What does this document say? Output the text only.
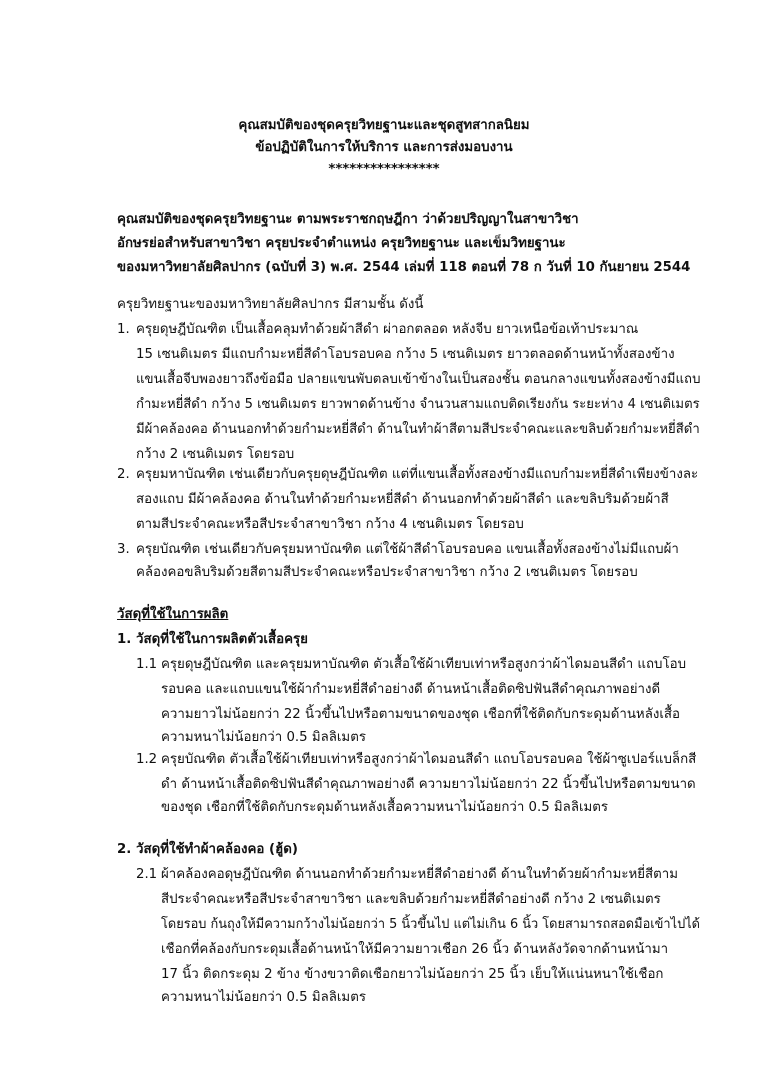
คุณสมบัติของชุดครุยวิทยฐานะและชุดสูทสากลนิยม
ข้อปฏิบัติในการให้บริการ และการส่งมอบงาน
****************
คุณสมบัติของชุดครุยวิทยฐานะ ตามพระราชกฤษฎีกา ว่าด้วยปริญญาในสาขาวิชา
อักษรย่อสำหรับสาขาวิชา ครุยประจำตำแหน่ง ครุยวิทยฐานะ และเข็มวิทยฐานะ
ของมหาวิทยาลัยศิลปากร (ฉบับที่ 3) พ.ศ. 2544 เล่มที่ 118 ตอนที่ 78 ก วันที่ 10 กันยายน 2544
ครุยวิทยฐานะของมหาวิทยาลัยศิลปากร มีสามชั้น ดังนี้
1. ครุยดุษฎีบัณฑิต เป็นเสื้อคลุมทำด้วยผ้าสีดำ ผ่าอกตลอด หลังจีบ ยาวเหนือข้อเท้าประมาณ
15 เซนติเมตร มีแถบกำมะหยี่สีดำโอบรอบคอ กว้าง 5 เซนติเมตร ยาวตลอดด้านหน้าทั้งสองข้าง
แขนเสื้อจีบพองยาวถึงข้อมือ ปลายแขนพับตลบเข้าข้างในเป็นสองชั้น ตอนกลางแขนทั้งสองข้างมีแถบ
กำมะหยี่สีดำ กว้าง 5 เซนติเมตร ยาวพาดด้านข้าง จำนวนสามแถบติดเรียงกัน ระยะห่าง 4 เซนติเมตร
มีผ้าคล้องคอ ด้านนอกทำด้วยกำมะหยี่สีดำ ด้านในทำผ้าสีตามสีประจำคณะและขลิบด้วยกำมะหยี่สีดำ
กว้าง 2 เซนติเมตร โดยรอบ
2. ครุยมหาบัณฑิต เช่นเดียวกับครุยดุษฎีบัณฑิต แต่ที่แขนเสื้อทั้งสองข้างมีแถบกำมะหยี่สีดำเพียงข้างละ
สองแถบ มีผ้าคล้องคอ ด้านในทำด้วยกำมะหยี่สีดำ ด้านนอกทำด้วยผ้าสีดำ และขลิบริมด้วยผ้าสี
ตามสีประจำคณะหรือสีประจำสาขาวิชา กว้าง 4 เซนติเมตร โดยรอบ
3. ครุยบัณฑิต เช่นเดียวกับครุยมหาบัณฑิต แต่ใช้ผ้าสีดำโอบรอบคอ แขนเสื้อทั้งสองข้างไม่มีแถบผ้า
คล้องคอขลิบริมด้วยสีตามสีประจำคณะหรือประจำสาขาวิชา กว้าง 2 เซนติเมตร โดยรอบ
วัสดุที่ใช้ในการผลิต
1. วัสดุที่ใช้ในการผลิตตัวเสื้อครุย
1.1 ครุยดุษฎีบัณฑิต และครุยมหาบัณฑิต ตัวเสื้อใช้ผ้าเทียบเท่าหรือสูงกว่าผ้าไดมอนสีดำ แถบโอบ
รอบคอ และแถบแขนใช้ผ้ากำมะหยี่สีดำอย่างดี ด้านหน้าเสื้อติดซิปฟันสีดำคุณภาพอย่างดี
ความยาวไม่น้อยกว่า 22 นิ้วขึ้นไปหรือตามขนาดของชุด เชือกที่ใช้ติดกับกระดุมด้านหลังเสื้อ
ความหนาไม่น้อยกว่า 0.5 มิลลิเมตร
1.2 ครุยบัณฑิต ตัวเสื้อใช้ผ้าเทียบเท่าหรือสูงกว่าผ้าไดมอนสีดำ แถบโอบรอบคอ ใช้ผ้าซูเปอร์แบล็กสี
ดำ ด้านหน้าเสื้อติดซิปฟันสีดำคุณภาพอย่างดี ความยาวไม่น้อยกว่า 22 นิ้วขึ้นไปหรือตามขนาด
ของชุด เชือกที่ใช้ติดกับกระดุมด้านหลังเสื้อความหนาไม่น้อยกว่า 0.5 มิลลิเมตร
2. วัสดุที่ใช้ทำผ้าคล้องคอ (ฮู้ด)
2.1 ผ้าคล้องคอดุษฎีบัณฑิต ด้านนอกทำด้วยกำมะหยี่สีดำอย่างดี ด้านในทำด้วยผ้ากำมะหยี่สีตาม
สีประจำคณะหรือสีประจำสาขาวิชา และขลิบด้วยกำมะหยี่สีดำอย่างดี กว้าง 2 เซนติเมตร
โดยรอบ ก้นถุงให้มีความกว้างไม่น้อยกว่า 5 นิ้วขึ้นไป แต่ไม่เกิน 6 นิ้ว โดยสามารถสอดมือเข้าไปได้
เชือกที่คล้องกับกระดุมเสื้อด้านหน้าให้มีความยาวเชือก 26 นิ้ว ด้านหลังวัดจากด้านหน้ามา
17 นิ้ว ติดกระดุม 2 ข้าง ข้างขวาติดเชือกยาวไม่น้อยกว่า 25 นิ้ว เย็บให้แน่นหนาใช้เชือก
ความหนาไม่น้อยกว่า 0.5 มิลลิเมตร
